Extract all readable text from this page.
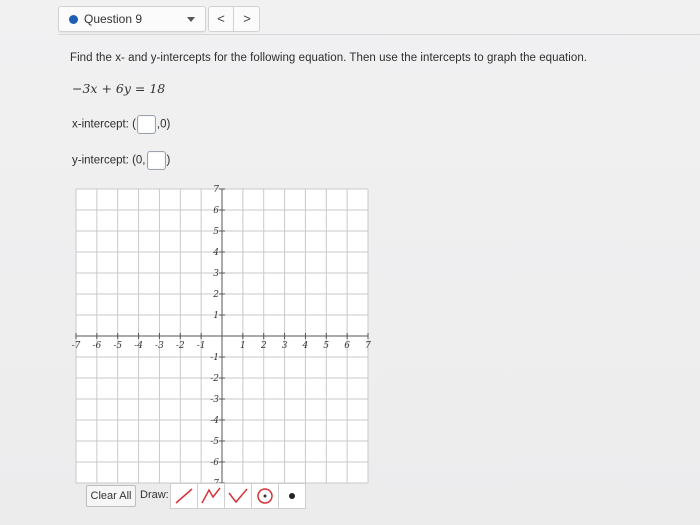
Question 9	<	>
Find the x- and y-intercepts for the following equation. Then use the intercepts to graph the equation.
−3x + 6y = 18
x-intercept: ( ,0)
y-intercept: (0, )
-7 -6 -5 -4 -3 -2 -1	1 2 3 4 5 6 7
7
6
5
4
3
2
1
-1
-2
-3
-4
-5
-6
Clear All Draw:
